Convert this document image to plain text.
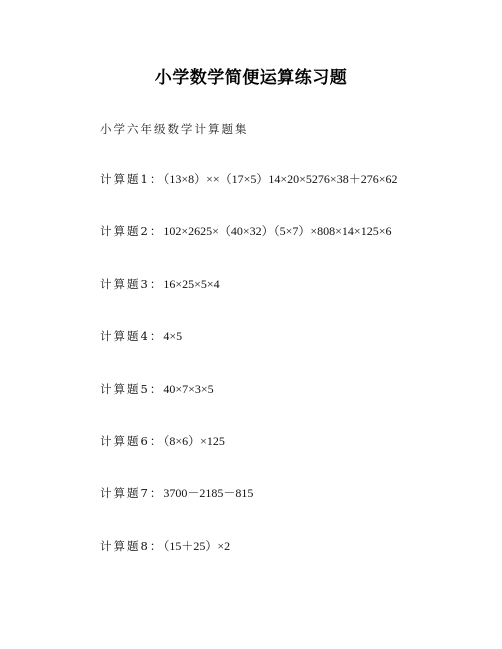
小学数学简便运算练习题
小学六年级数学计算题集
计算题1：（13×8）××（17×5）14×20×5276×38＋276×62
计算题2：102×2625×（40×32）（5×7）×808×14×125×6
计算题3：16×25×5×4
计算题4：4×5
计算题5：40×7×3×5
计算题6：（8×6）×125
计算题7：3700－2185－815
计算题8：（15＋25）×2
